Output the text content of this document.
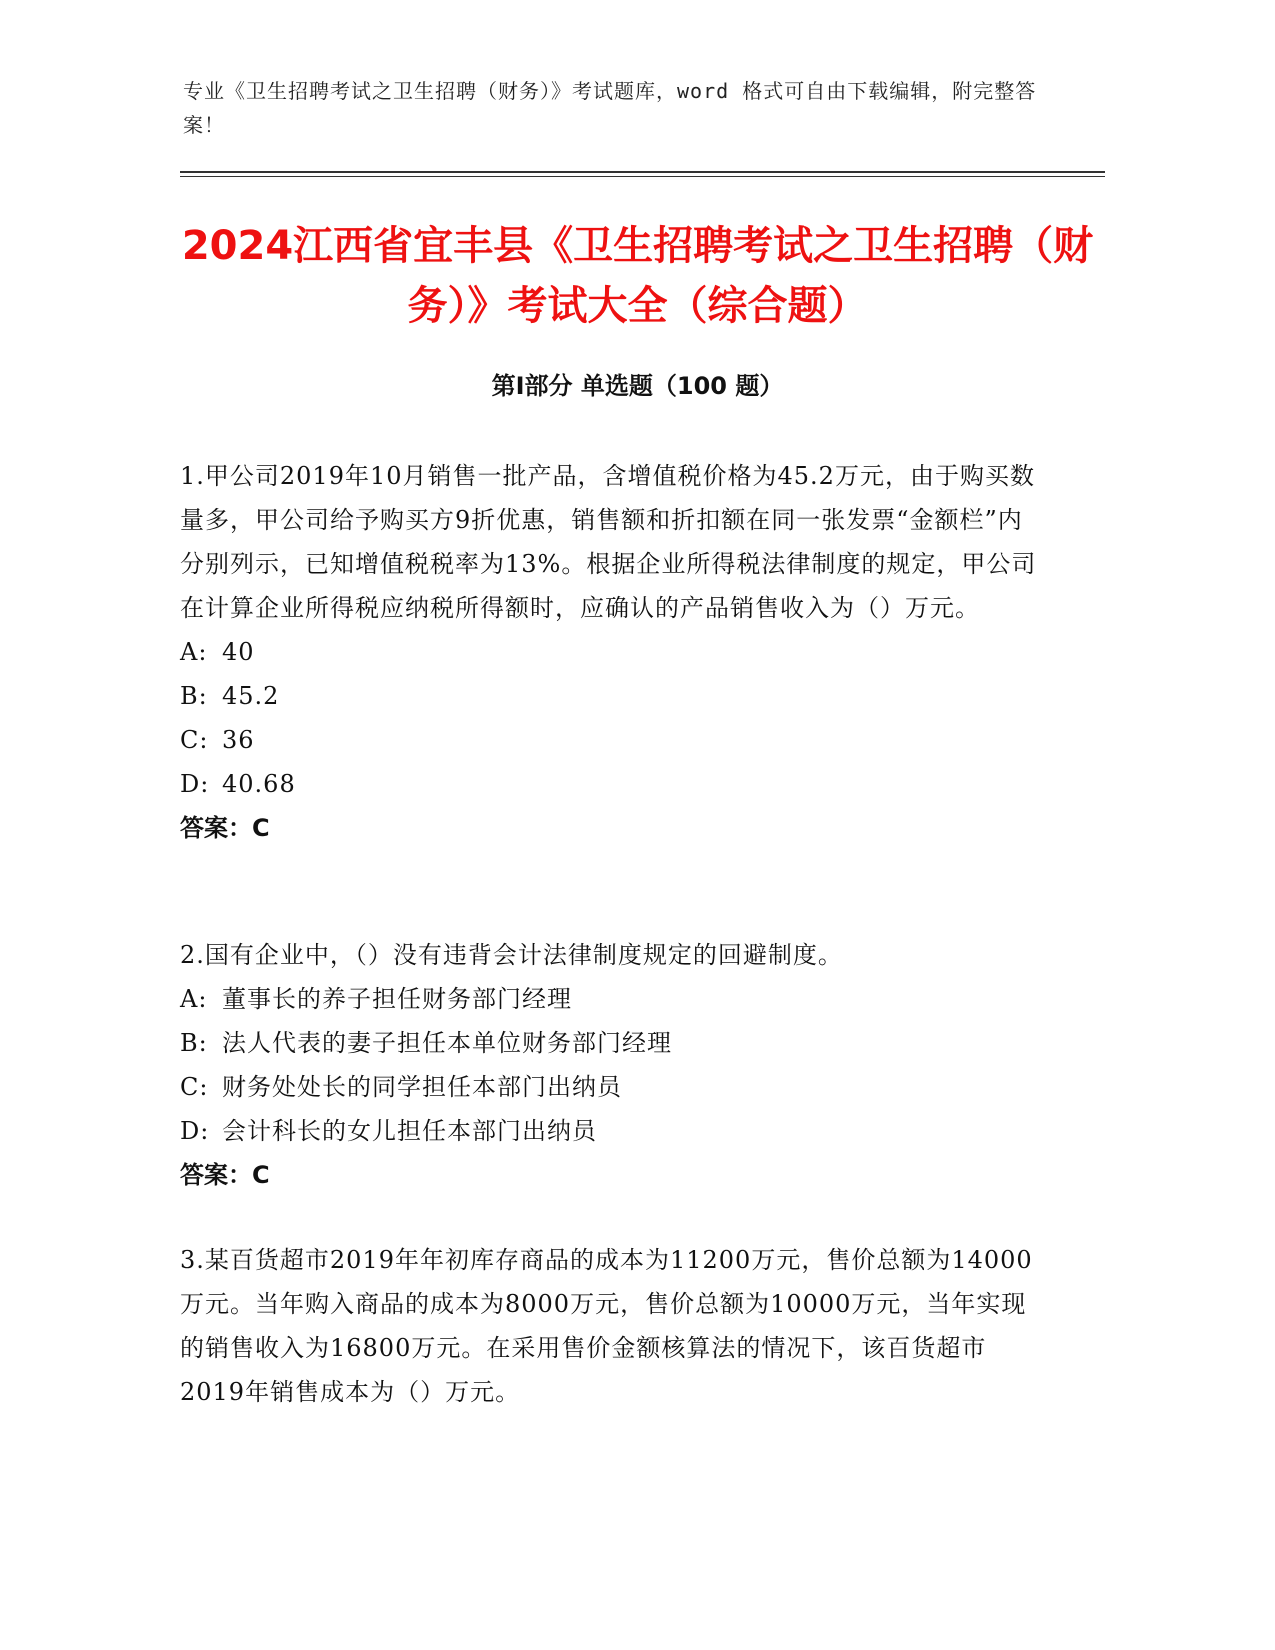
专业《卫生招聘考试之卫生招聘（财务）》考试题库，word 格式可自由下载编辑，附完整答案！
2024江西省宜丰县《卫生招聘考试之卫生招聘（财务）》考试大全（综合题）
第Ⅰ部分 单选题（100 题）
1.甲公司2019年10月销售一批产品，含增值税价格为45.2万元，由于购买数量多，甲公司给予购买方9折优惠，销售额和折扣额在同一张发票“金额栏”内分别列示，已知增值税税率为13%。根据企业所得税法律制度的规定，甲公司在计算企业所得税应纳税所得额时，应确认的产品销售收入为（）万元。
A: 40
B: 45.2
C: 36
D: 40.68
答案：C
2.国有企业中，（）没有违背会计法律制度规定的回避制度。
A: 董事长的养子担任财务部门经理
B: 法人代表的妻子担任本单位财务部门经理
C: 财务处处长的同学担任本部门出纳员
D: 会计科长的女儿担任本部门出纳员
答案：C
3.某百货超市2019年年初库存商品的成本为11200万元，售价总额为14000万元。当年购入商品的成本为8000万元，售价总额为10000万元，当年实现的销售收入为16800万元。在采用售价金额核算法的情况下，该百货超市2019年销售成本为（）万元。
